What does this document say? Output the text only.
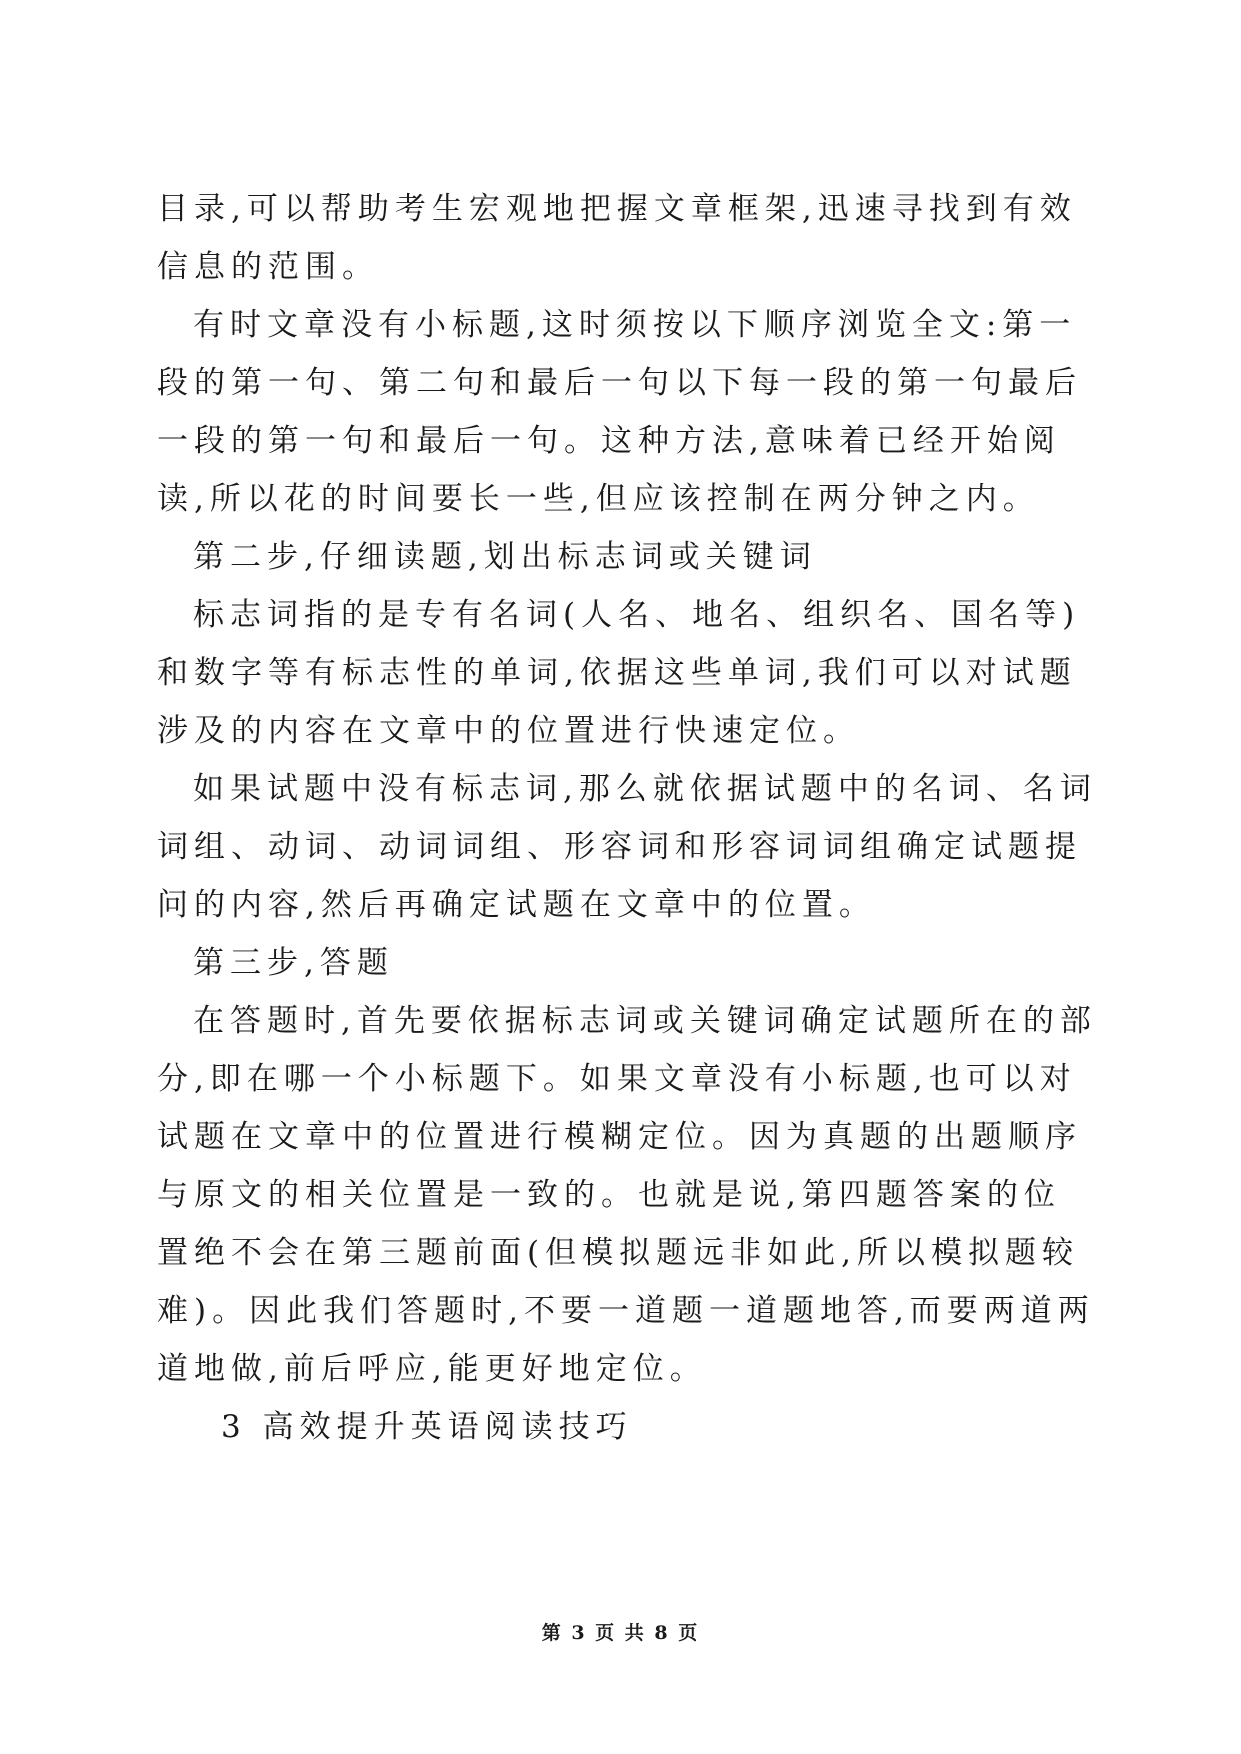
目录,可以帮助考生宏观地把握文章框架,迅速寻找到有效信息的范围。

有时文章没有小标题,这时须按以下顺序浏览全文:第一段的第一句、第二句和最后一句以下每一段的第一句最后一段的第一句和最后一句。这种方法,意味着已经开始阅读,所以花的时间要长一些,但应该控制在两分钟之内。

第二步,仔细读题,划出标志词或关键词

标志词指的是专有名词(人名、地名、组织名、国名等)和数字等有标志性的单词,依据这些单词,我们可以对试题涉及的内容在文章中的位置进行快速定位。

如果试题中没有标志词,那么就依据试题中的名词、名词词组、动词、动词词组、形容词和形容词词组确定试题提问的内容,然后再确定试题在文章中的位置。

第三步,答题

在答题时,首先要依据标志词或关键词确定试题所在的部分,即在哪一个小标题下。如果文章没有小标题,也可以对试题在文章中的位置进行模糊定位。因为真题的出题顺序与原文的相关位置是一致的。也就是说,第四题答案的位置绝不会在第三题前面(但模拟题远非如此,所以模拟题较难)。因此我们答题时,不要一道题一道题地答,而要两道两道地做,前后呼应,能更好地定位。

3 高效提升英语阅读技巧

第 3 页 共 8 页
